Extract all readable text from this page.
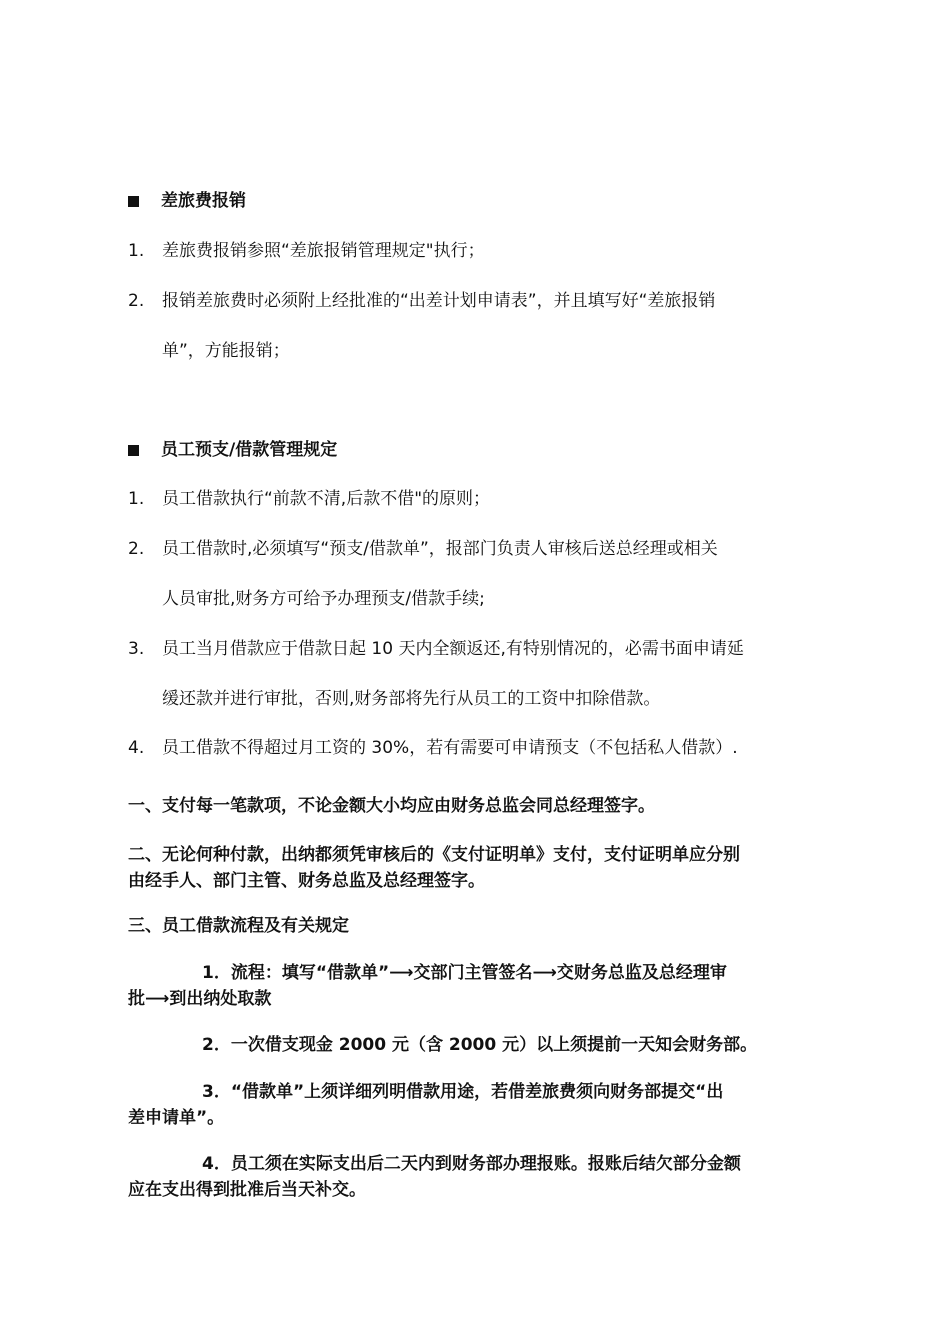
差旅费报销
1. 差旅费报销参照“差旅报销管理规定"执行；
2. 报销差旅费时必须附上经批准的“出差计划申请表”，并且填写好“差旅报销
单”，方能报销；
员工预支/借款管理规定
1. 员工借款执行“前款不清,后款不借"的原则；
2. 员工借款时,必须填写“预支/借款单”，报部门负责人审核后送总经理或相关
人员审批,财务方可给予办理预支/借款手续;
3. 员工当月借款应于借款日起 10 天内全额返还,有特别情况的，必需书面申请延
缓还款并进行审批，否则,财务部将先行从员工的工资中扣除借款。
4. 员工借款不得超过月工资的 30%，若有需要可申请预支（不包括私人借款）.
一、支付每一笔款项，不论金额大小均应由财务总监会同总经理签字。
二、无论何种付款，出纳都须凭审核后的《支付证明单》支付，支付证明单应分别
由经手人、部门主管、财务总监及总经理签字。
三、员工借款流程及有关规定
1．流程：填写“借款单”⟶交部门主管签名⟶交财务总监及总经理审
批⟶到出纳处取款
2．一次借支现金 2000 元（含 2000 元）以上须提前一天知会财务部。
3．“借款单”上须详细列明借款用途，若借差旅费须向财务部提交“出
差申请单”。
4．员工须在实际支出后二天内到财务部办理报账。报账后结欠部分金额
应在支出得到批准后当天补交。
